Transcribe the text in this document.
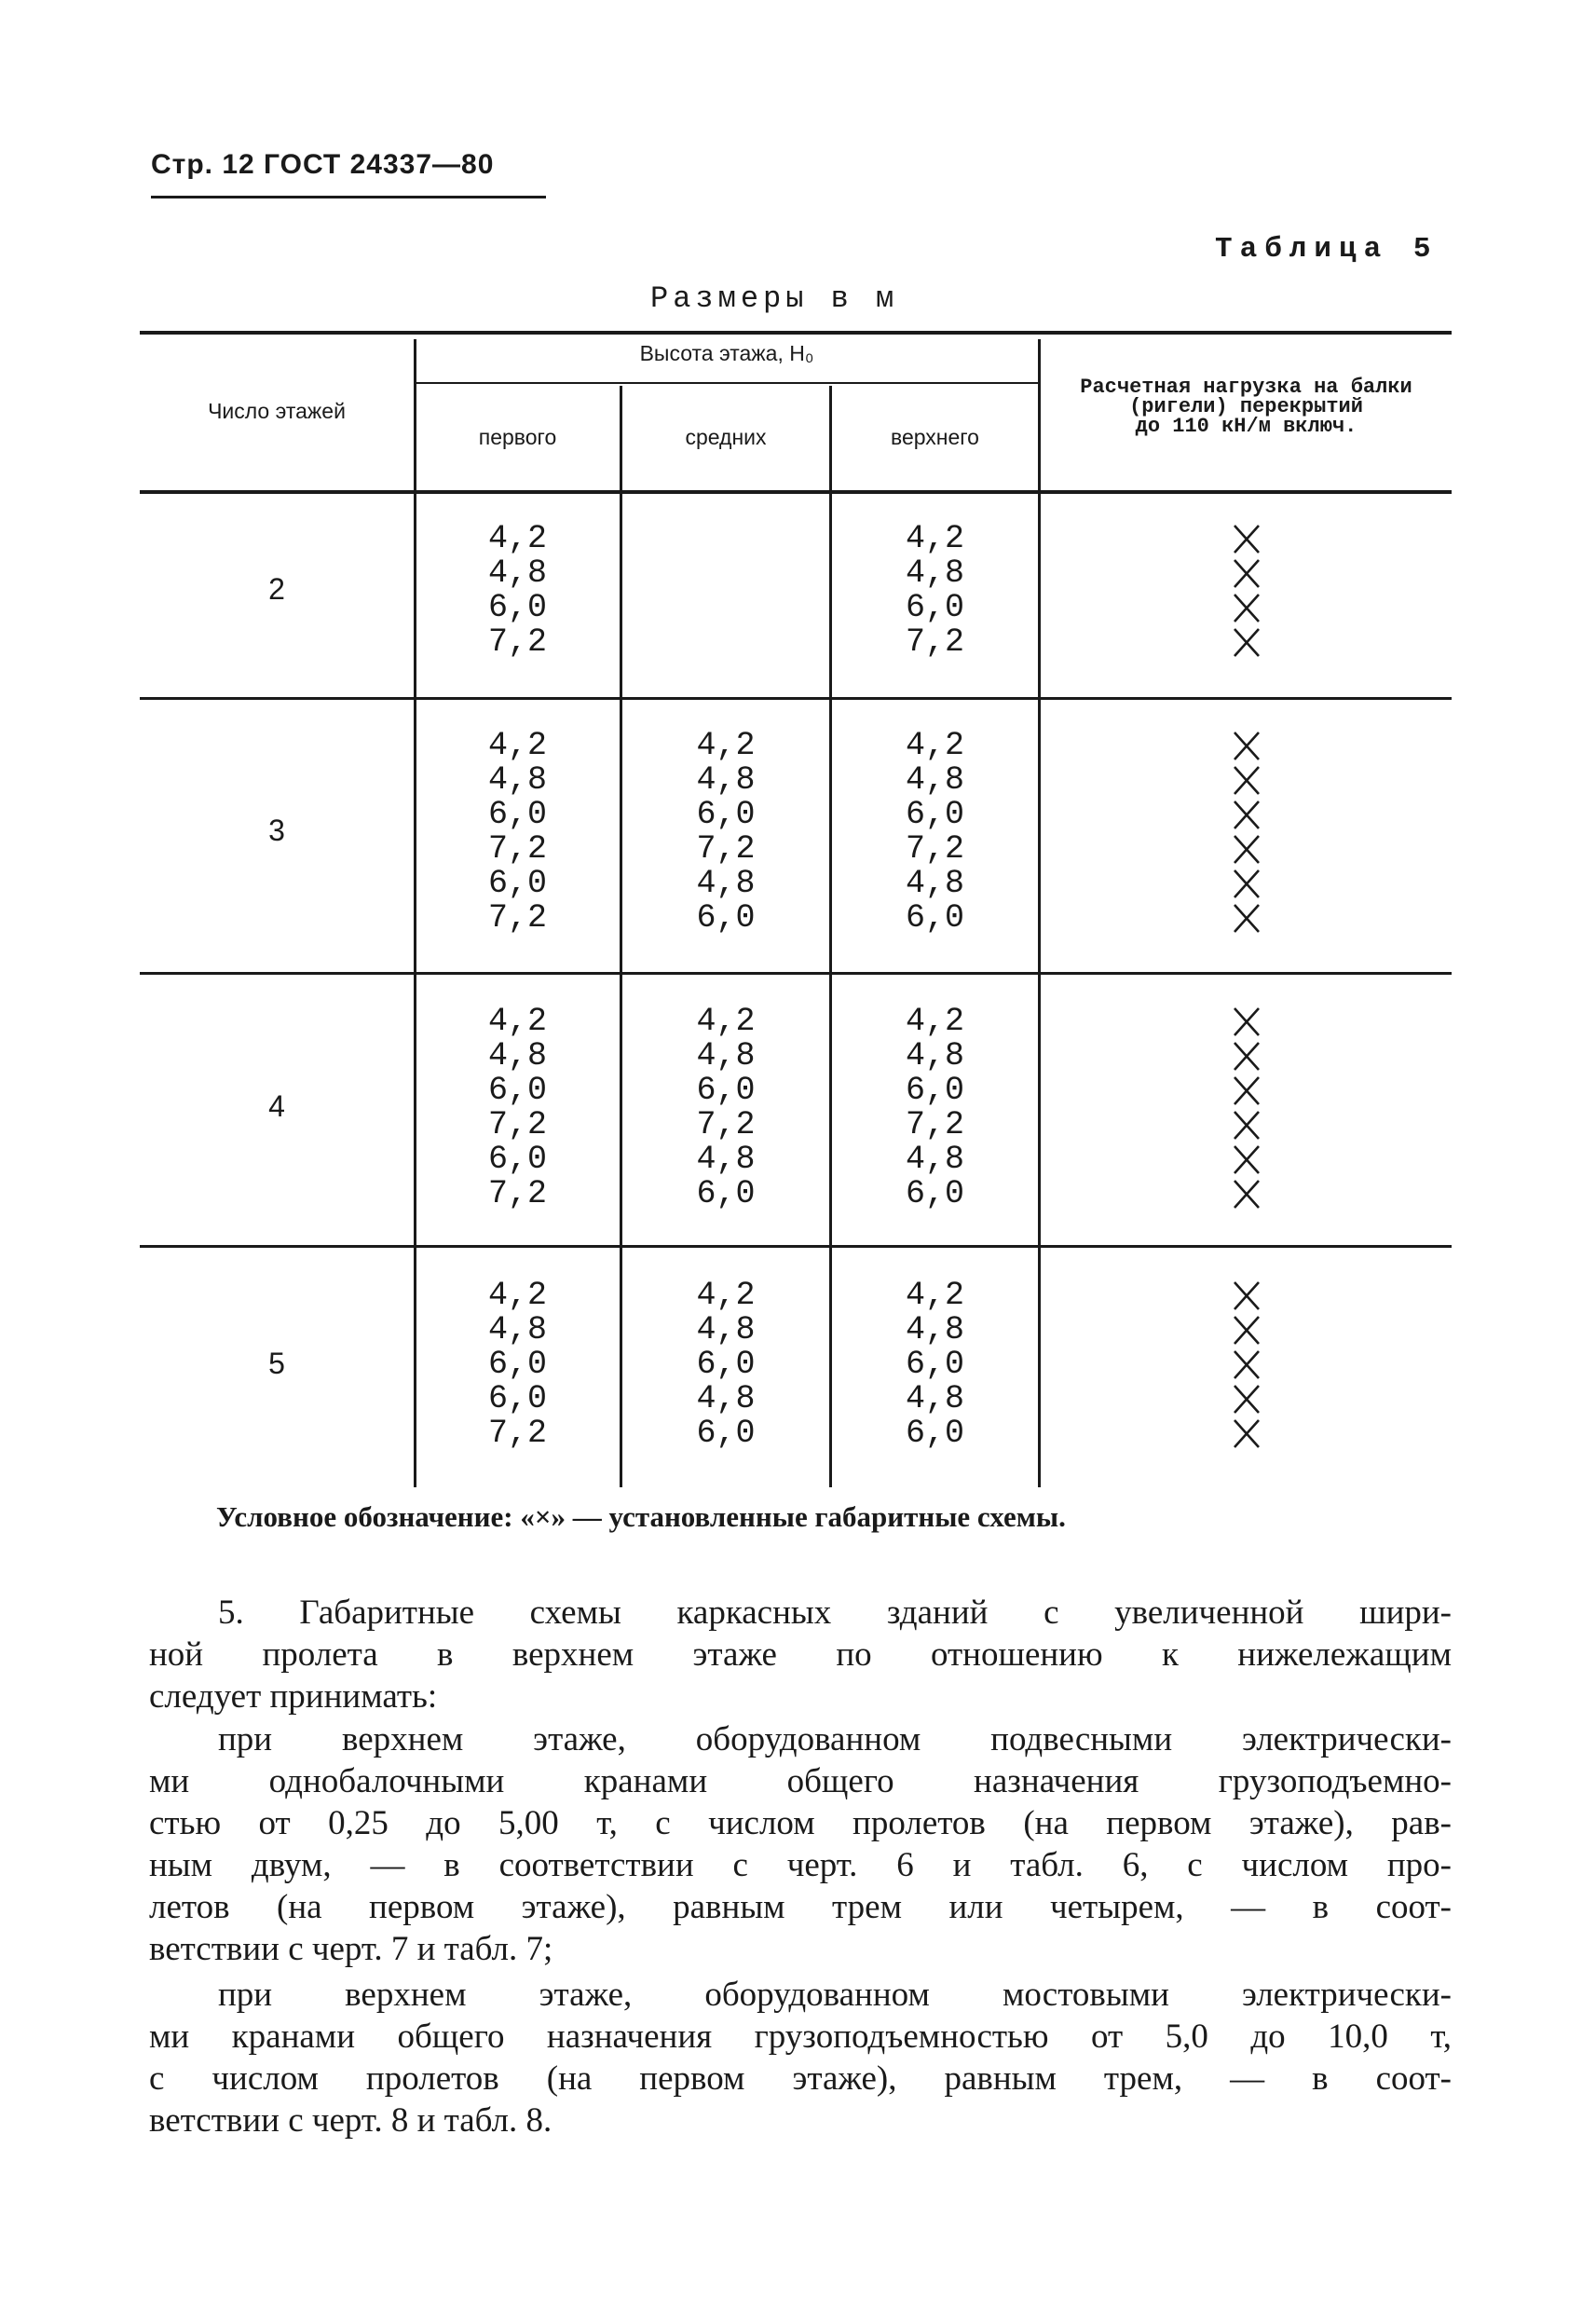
Стр. 12 ГОСТ 24337—80
Таблица 5
Размеры в м
Число этажей
Высота этажа, H₀
первого	средних	верхнего
Расчетная нагрузка на балки
(ригели) перекрытий
до 110 кН/м включ.
2
4,2
4,8
6,0
7,2
4,2
4,8
6,0
7,2
3
4,2
4,8
6,0
7,2
6,0
7,2
4,2
4,8
6,0
7,2
4,8
6,0
4,2
4,8
6,0
7,2
4,8
6,0
4
4,2
4,8
6,0
7,2
6,0
7,2
4,2
4,8
6,0
7,2
4,8
6,0
4,2
4,8
6,0
7,2
4,8
6,0
5
4,2
4,8
6,0
6,0
7,2
4,2
4,8
6,0
4,8
6,0
4,2
4,8
6,0
4,8
6,0
Условное обозначение: «×» — установленные габаритные схемы.
5. Габаритные схемы каркасных зданий с увеличенной шири-
ной пролета в верхнем этаже по отношению к нижележащим
следует принимать:
при верхнем этаже, оборудованном подвесными электрически-
ми однобалочными кранами общего назначения грузоподъемно-
стью от 0,25 до 5,00 т, с числом пролетов (на первом этаже), рав-
ным двум, — в соответствии с черт. 6 и табл. 6, с числом про-
летов (на первом этаже), равным трем или четырем, — в соот-
ветствии с черт. 7 и табл. 7;
при верхнем этаже, оборудованном мостовыми электрически-
ми кранами общего назначения грузоподъемностью от 5,0 до 10,0 т,
с числом пролетов (на первом этаже), равным трем, — в соот-
ветствии с черт. 8 и табл. 8.
